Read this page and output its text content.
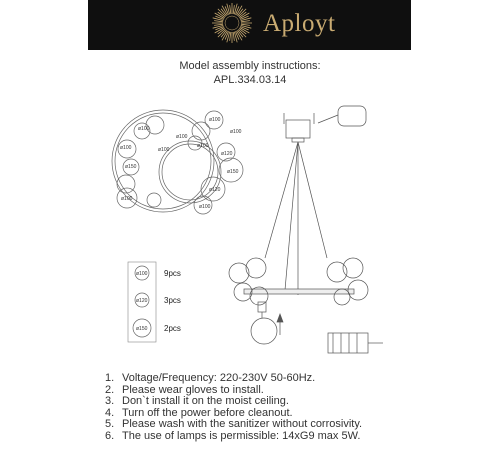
Aployt
Model assembly instructions:
APL.334.03.14
ø100
ø100
ø100
ø100
ø100
ø100
ø100
ø120
ø120
ø150
ø150
ø100
ø100
ø100 9pcs
ø120 3pcs
ø150 2pcs
1. Voltage/Frequency: 220-230V 50-60Hz.
2. Please wear gloves to install.
3. Don`t install it on the moist ceiling.
4. Turn off the power before cleanout.
5. Please wash with the sanitizer without corrosivity.
6. The use of lamps is permissible: 14xG9 max 5W.
